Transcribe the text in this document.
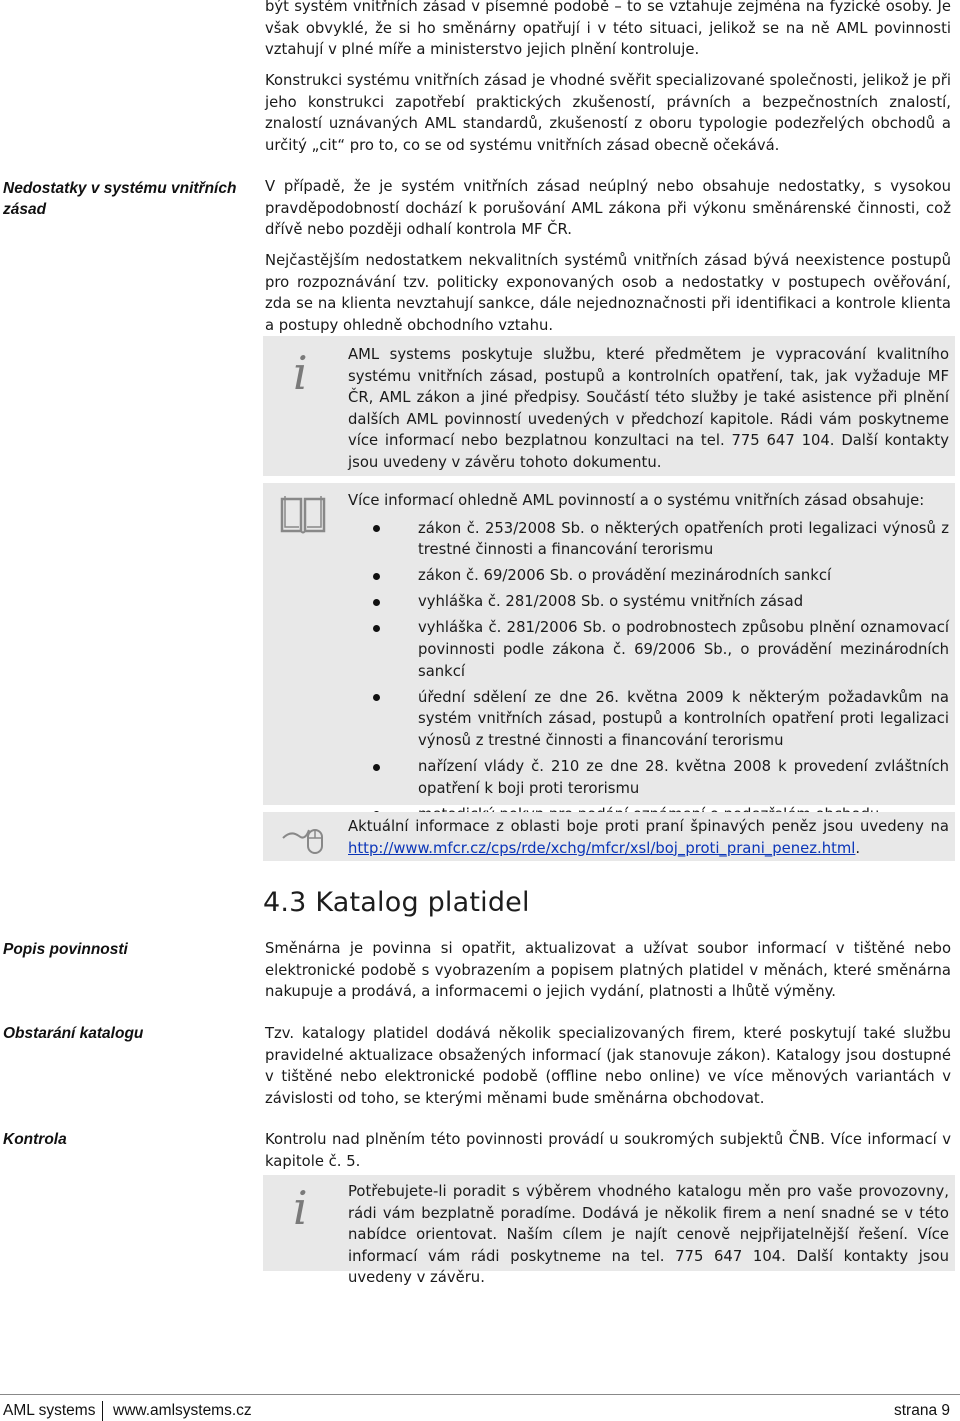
být systém vnitřních zásad v písemné podobě – to se vztahuje zejména na fyzické osoby. Je však obvyklé, že si ho směnárny opatřují i v této situaci, jelikož se na ně AML povinnosti vztahují v plné míře a ministerstvo jejich plnění kontroluje.

Konstrukci systému vnitřních zásad je vhodné svěřit specializované společnosti, jelikož je při jeho konstrukci zapotřebí praktických zkušeností, právních a bezpečnostních znalostí, znalostí uznávaných AML standardů, zkušeností z oboru typologie podezřelých obchodů a určitý „cit“ pro to, co se od systému vnitřních zásad obecně očekává.

Nedostatky v systému vnitřních zásad

V případě, že je systém vnitřních zásad neúplný nebo obsahuje nedostatky, s vysokou pravděpodobností dochází k porušování AML zákona při výkonu směnárenské činnosti, což dřívě nebo později odhalí kontrola MF ČR.

Nejčastějším nedostatkem nekvalitních systémů vnitřních zásad bývá neexistence postupů pro rozpoznávání tzv. politicky exponovaných osob a nedostatky v postupech ověřování, zda se na klienta nevztahují sankce, dále nejednoznačnosti při identifikaci a kontrole klienta a postupy ohledně obchodního vztahu.

i	AML systems poskytuje službu, které předmětem je vypracování kvalitního systému vnitřních zásad, postupů a kontrolních opatření, tak, jak vyžaduje MF ČR, AML zákon a jiné předpisy. Součástí této služby je také asistence při plnění dalších AML povinností uvedených v předchozí kapitole. Rádi vám poskytneme více informací nebo bezplatnou konzultaci na tel. 775 647 104. Další kontakty jsou uvedeny v závěru tohoto dokumentu.

Více informací ohledně AML povinností a o systému vnitřních zásad obsahuje:

zákon č. 253/2008 Sb. o některých opatřeních proti legalizaci výnosů z trestné činnosti a financování terorismu
zákon č. 69/2006 Sb. o provádění mezinárodních sankcí
vyhláška č. 281/2008 Sb. o systému vnitřních zásad
vyhláška č. 281/2006 Sb. o podrobnostech způsobu plnění oznamovací povinnosti podle zákona č. 69/2006 Sb., o provádění mezinárodních sankcí
úřední sdělení ze dne 26. května 2009 k některým požadavkům na systém vnitřních zásad, postupů a kontrolních opatření proti legalizaci výnosů z trestné činnosti a financování terorismu
nařízení vlády č. 210 ze dne 28. května 2008 k provedení zvláštních opatření k boji proti terorismu

Aktuální informace z oblasti boje proti praní špinavých peněz jsou uvedeny na http://www.mfcr.cz/cps/rde/xchg/mfcr/xsl/boj_proti_prani_penez.html.

4.3 Katalog platidel
Popis povinnosti	Směnárna je povinna si opatřit, aktualizovat a užívat soubor informací v tištěné nebo elektronické podobě s vyobrazením a popisem platných platidel v měnách, které směnárna nakupuje a prodává, a informacemi o jejich vydání, platnosti a lhůtě výměny.

Obstarání katalogu	Tzv. katalogy platidel dodává několik specializovaných firem, které poskytují také službu pravidelné aktualizace obsažených informací (jak stanovuje zákon). Katalogy jsou dostupné v tištěné nebo elektronické podobě (offline nebo online) ve více měnových variantách v závislosti od toho, se kterými měnami bude směnárna obchodovat.

Kontrola	Kontrolu nad plněním této povinnosti provádí u soukromých subjektů ČNB. Více informací v kapitole č. 5.

i	Potřebujete-li poradit s výběrem vhodného katalogu měn pro vaše provozovny, rádi vám bezplatně poradíme. Dodává je několik firem a není snadné se v této nabídce orientovat. Naším cílem je najít cenově nejpřijatelnější řešení. Více informací vám rádi poskytneme na tel. 775 647 104. Další kontakty jsou uvedeny v závěru.

AML systems www.amlsystems.cz	strana 9
